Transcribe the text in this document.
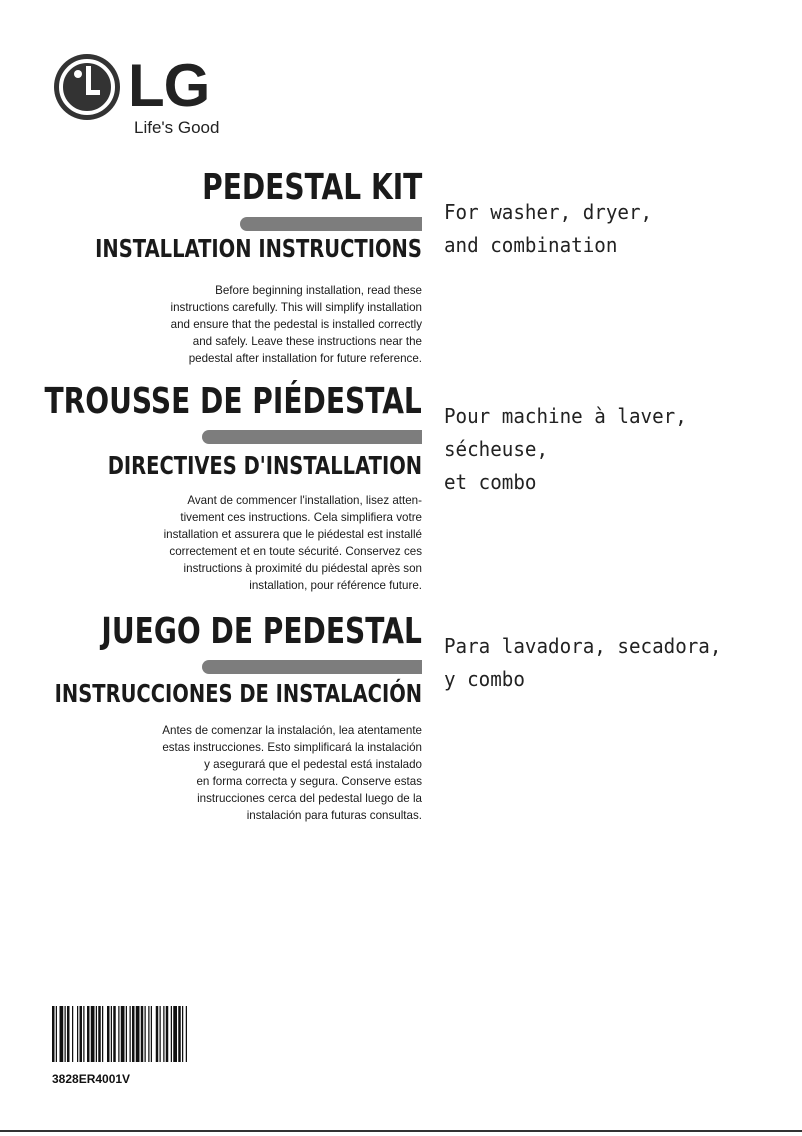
LG
Life's Good
PEDESTAL KIT
INSTALLATION INSTRUCTIONS
Before beginning installation, read these
instructions carefully. This will simplify installation
and ensure that the pedestal is installed correctly
and safely. Leave these instructions near the
pedestal after installation for future reference.
For washer, dryer,
and combination
TROUSSE DE PIÉDESTAL
DIRECTIVES D'INSTALLATION
Avant de commencer l'installation, lisez atten-
tivement ces instructions. Cela simplifiera votre
installation et assurera que le piédestal est installé
correctement et en toute sécurité. Conservez ces
instructions à proximité du piédestal après son
installation, pour référence future.
Pour machine à laver, sécheuse,
et combo
JUEGO DE PEDESTAL
INSTRUCCIONES DE INSTALACIÓN
Antes de comenzar la instalación, lea atentamente
estas instrucciones. Esto simplificará la instalación
y asegurará que el pedestal está instalado
en forma correcta y segura. Conserve estas
instrucciones cerca del pedestal luego de la
instalación para futuras consultas.
Para lavadora, secadora,
y combo
3828ER4001V
